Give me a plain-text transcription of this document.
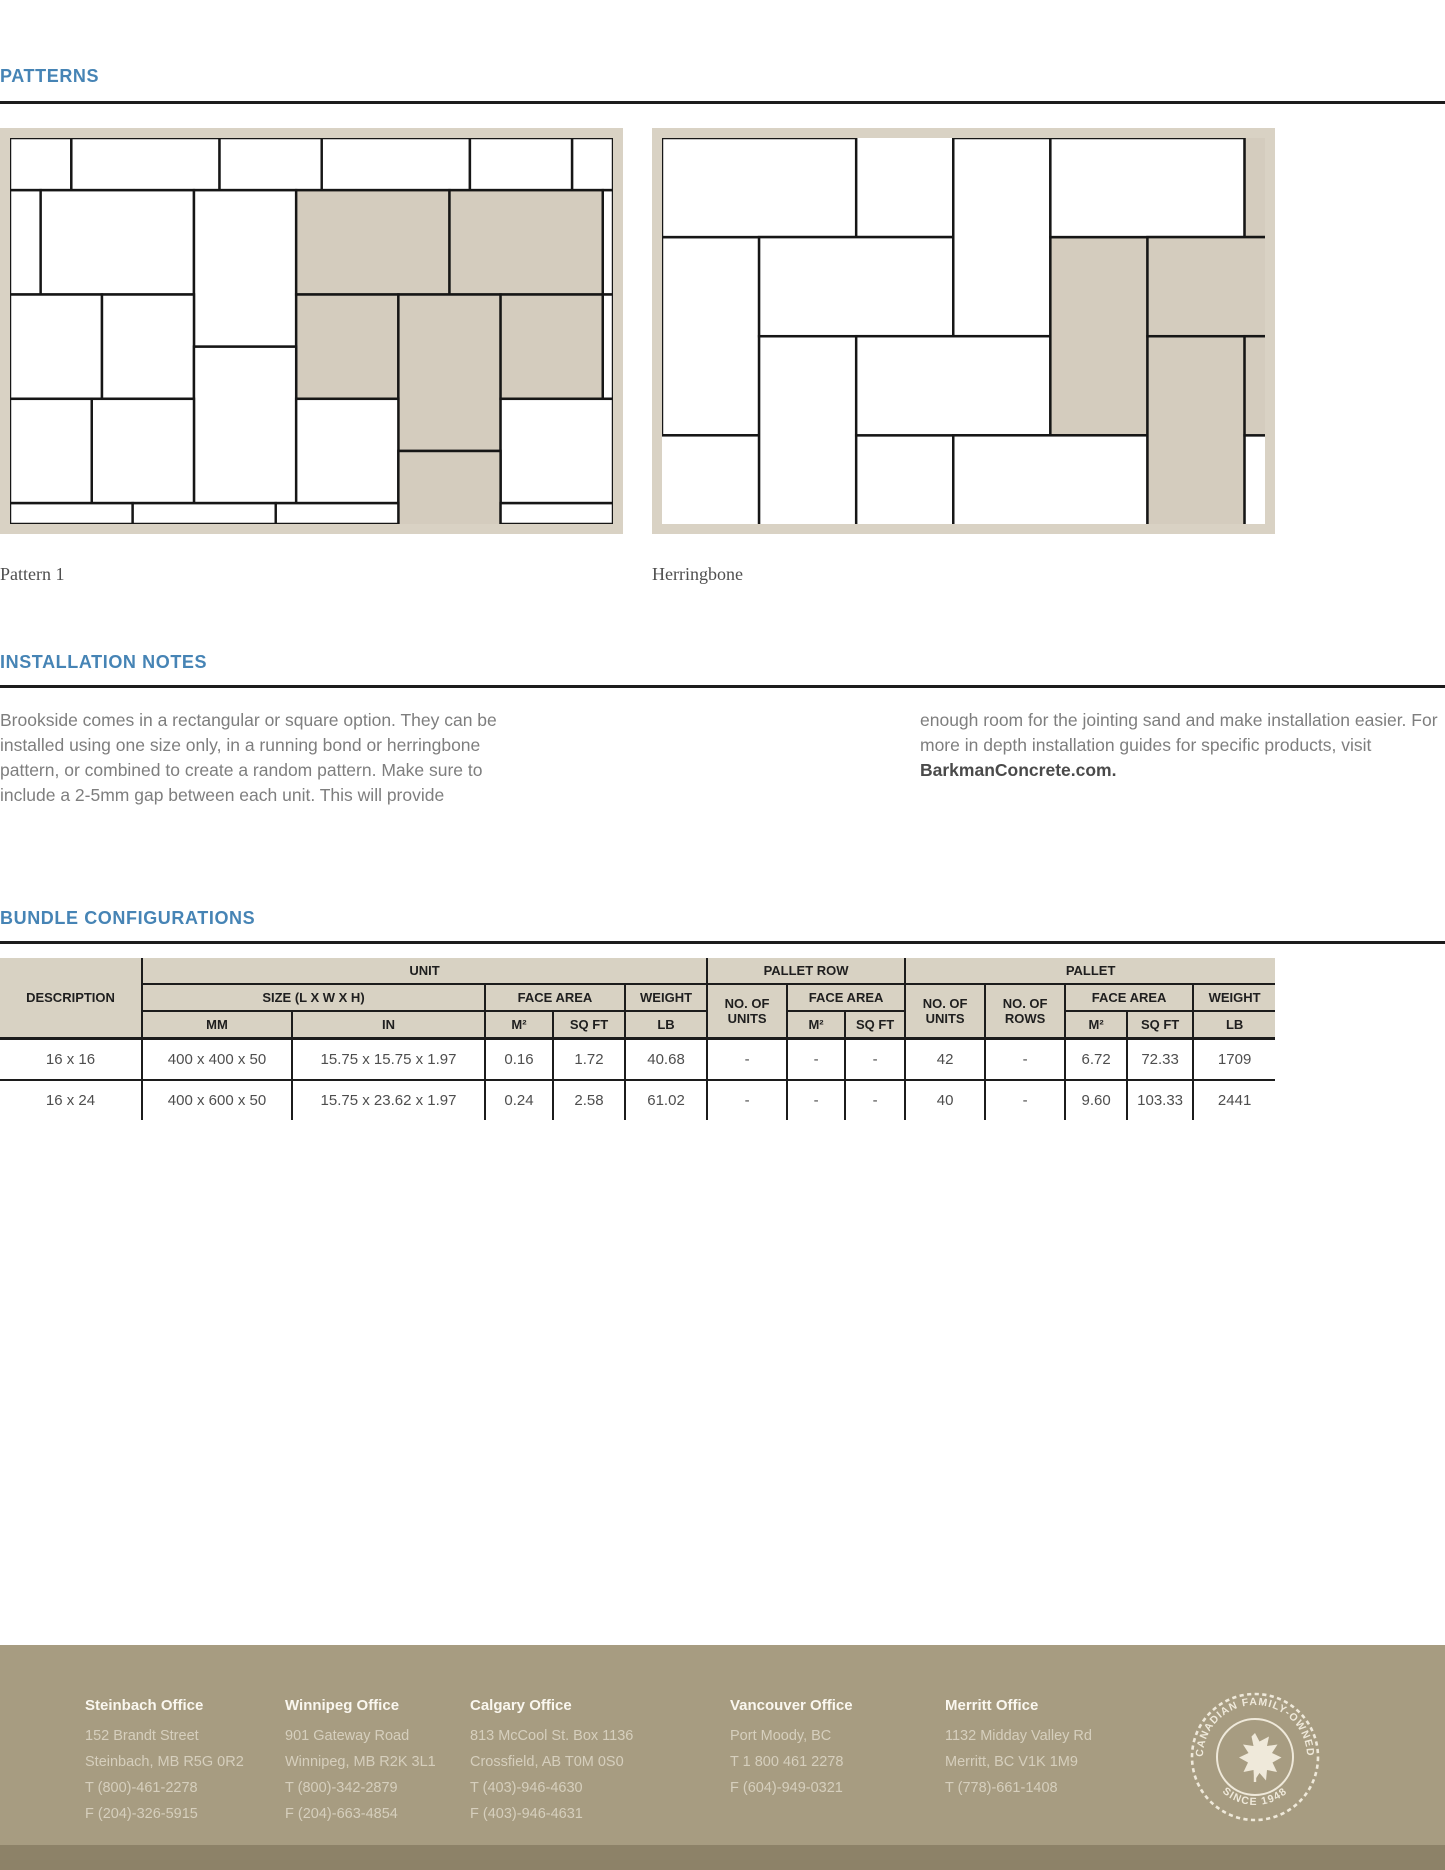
PATTERNS
Pattern 1	Herringbone
INSTALLATION NOTES
Brookside comes in a rectangular or square option. They can be installed using one size only, in a running bond or herringbone pattern, or combined to create a random pattern. Make sure to include a 2-5mm gap between each unit. This will provide
enough room for the jointing sand and make installation easier. For more in depth installation guides for specific products, visit BarkmanConcrete.com.
BUNDLE CONFIGURATIONS
DESCRIPTION	UNIT					PALLET ROW			PALLET				
	SIZE (L X W X H)		FACE AREA		WEIGHT	NO. OF UNITS	FACE AREA		NO. OF UNITS	NO. OF ROWS	FACE AREA		WEIGHT
	MM	IN	M²	SQ FT	LB		M²	SQ FT			M²	SQ FT	LB
16 x 16	400 x 400 x 50	15.75 x 15.75 x 1.97	0.16	1.72	40.68	-	-	-	42	-	6.72	72.33	1709
16 x 24	400 x 600 x 50	15.75 x 23.62 x 1.97	0.24	2.58	61.02	-	-	-	40	-	9.60	103.33	2441
Steinbach Office
152 Brandt Street
Steinbach, MB R5G 0R2
T (800)-461-2278
F (204)-326-5915
Winnipeg Office
901 Gateway Road
Winnipeg, MB R2K 3L1
T (800)-342-2879
F (204)-663-4854
Calgary Office
813 McCool St. Box 1136
Crossfield, AB T0M 0S0
T (403)-946-4630
F (403)-946-4631
Vancouver Office
Port Moody, BC
T 1 800 461 2278
F (604)-949-0321
Merritt Office
1132 Midday Valley Rd
Merritt, BC V1K 1M9
T (778)-661-1408
CANADIAN FAMILY-OWNED
SINCE 1948
